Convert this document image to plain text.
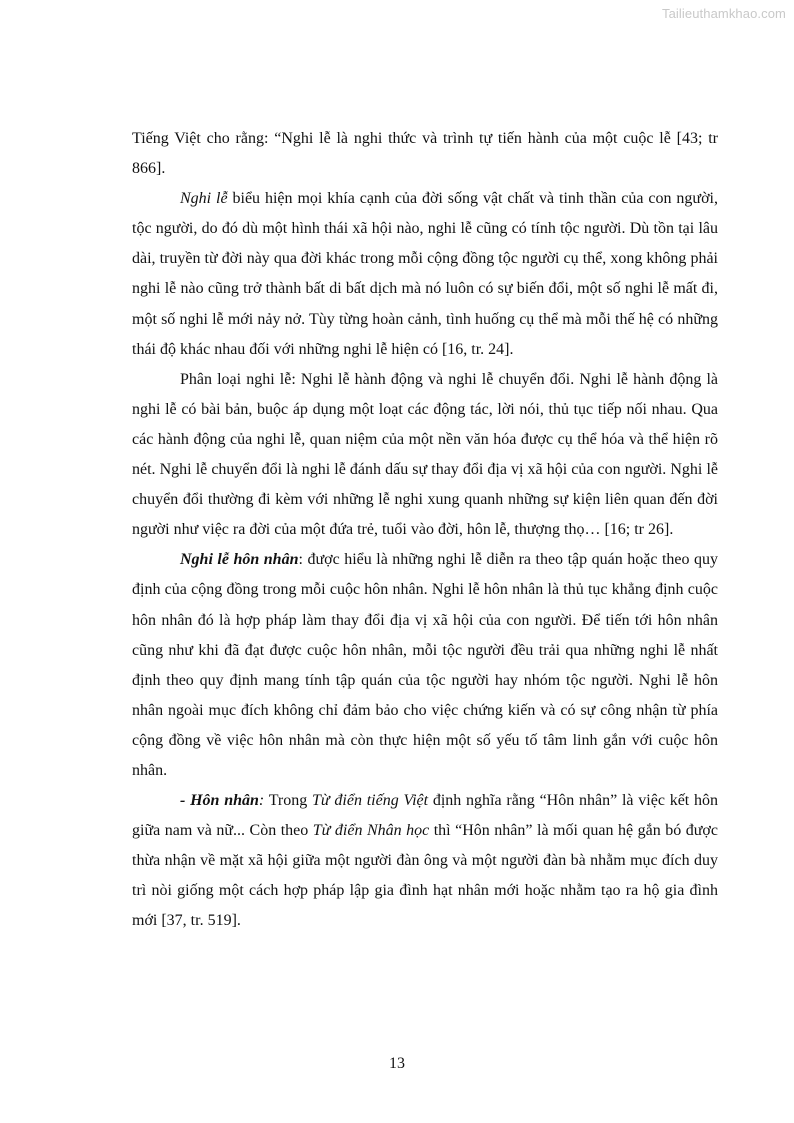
Tailieuthamkhao.com

Tiếng Việt cho rằng: “Nghi lễ là nghi thức và trình tự tiến hành của một cuộc lễ [43; tr 866].

Nghi lễ biểu hiện mọi khía cạnh của đời sống vật chất và tinh thần của con người, tộc người, do đó dù một hình thái xã hội nào, nghi lễ cũng có tính tộc người. Dù tồn tại lâu dài, truyền từ đời này qua đời khác trong mỗi cộng đồng tộc người cụ thể, xong không phải nghi lễ nào cũng trở thành bất di bất dịch mà nó luôn có sự biến đổi, một số nghi lễ mất đi, một số nghi lễ mới nảy nở. Tùy từng hoàn cảnh, tình huống cụ thể mà mỗi thế hệ có những thái độ khác nhau đối với những nghi lễ hiện có [16, tr. 24].

Phân loại nghi lễ: Nghi lễ hành động và nghi lễ chuyển đổi. Nghi lễ hành động là nghi lễ có bài bản, buộc áp dụng một loạt các động tác, lời nói, thủ tục tiếp nối nhau. Qua các hành động của nghi lễ, quan niệm của một nền văn hóa được cụ thể hóa và thể hiện rõ nét. Nghi lễ chuyển đổi là nghi lễ đánh dấu sự thay đổi địa vị xã hội của con người. Nghi lễ chuyển đổi thường đi kèm với những lễ nghi xung quanh những sự kiện liên quan đến đời người như việc ra đời của một đứa trẻ, tuổi vào đời, hôn lễ, thượng thọ… [16; tr 26].

Nghi lễ hôn nhân: được hiểu là những nghi lễ diễn ra theo tập quán hoặc theo quy định của cộng đồng trong mỗi cuộc hôn nhân. Nghi lễ hôn nhân là thủ tục khẳng định cuộc hôn nhân đó là hợp pháp làm thay đổi địa vị xã hội của con người. Để tiến tới hôn nhân cũng như khi đã đạt được cuộc hôn nhân, mỗi tộc người đều trải qua những nghi lễ nhất định theo quy định mang tính tập quán của tộc người hay nhóm tộc người. Nghi lễ hôn nhân ngoài mục đích không chỉ đảm bảo cho việc chứng kiến và có sự công nhận từ phía cộng đồng về việc hôn nhân mà còn thực hiện một số yếu tố tâm linh gắn với cuộc hôn nhân.

- Hôn nhân: Trong Từ điển tiếng Việt định nghĩa rằng “Hôn nhân” là việc kết hôn giữa nam và nữ... Còn theo Từ điển Nhân học thì “Hôn nhân” là mối quan hệ gắn bó được thừa nhận về mặt xã hội giữa một người đàn ông và một người đàn bà nhằm mục đích duy trì nòi giống một cách hợp pháp lập gia đình hạt nhân mới hoặc nhằm tạo ra hộ gia đình mới [37, tr. 519].

13
